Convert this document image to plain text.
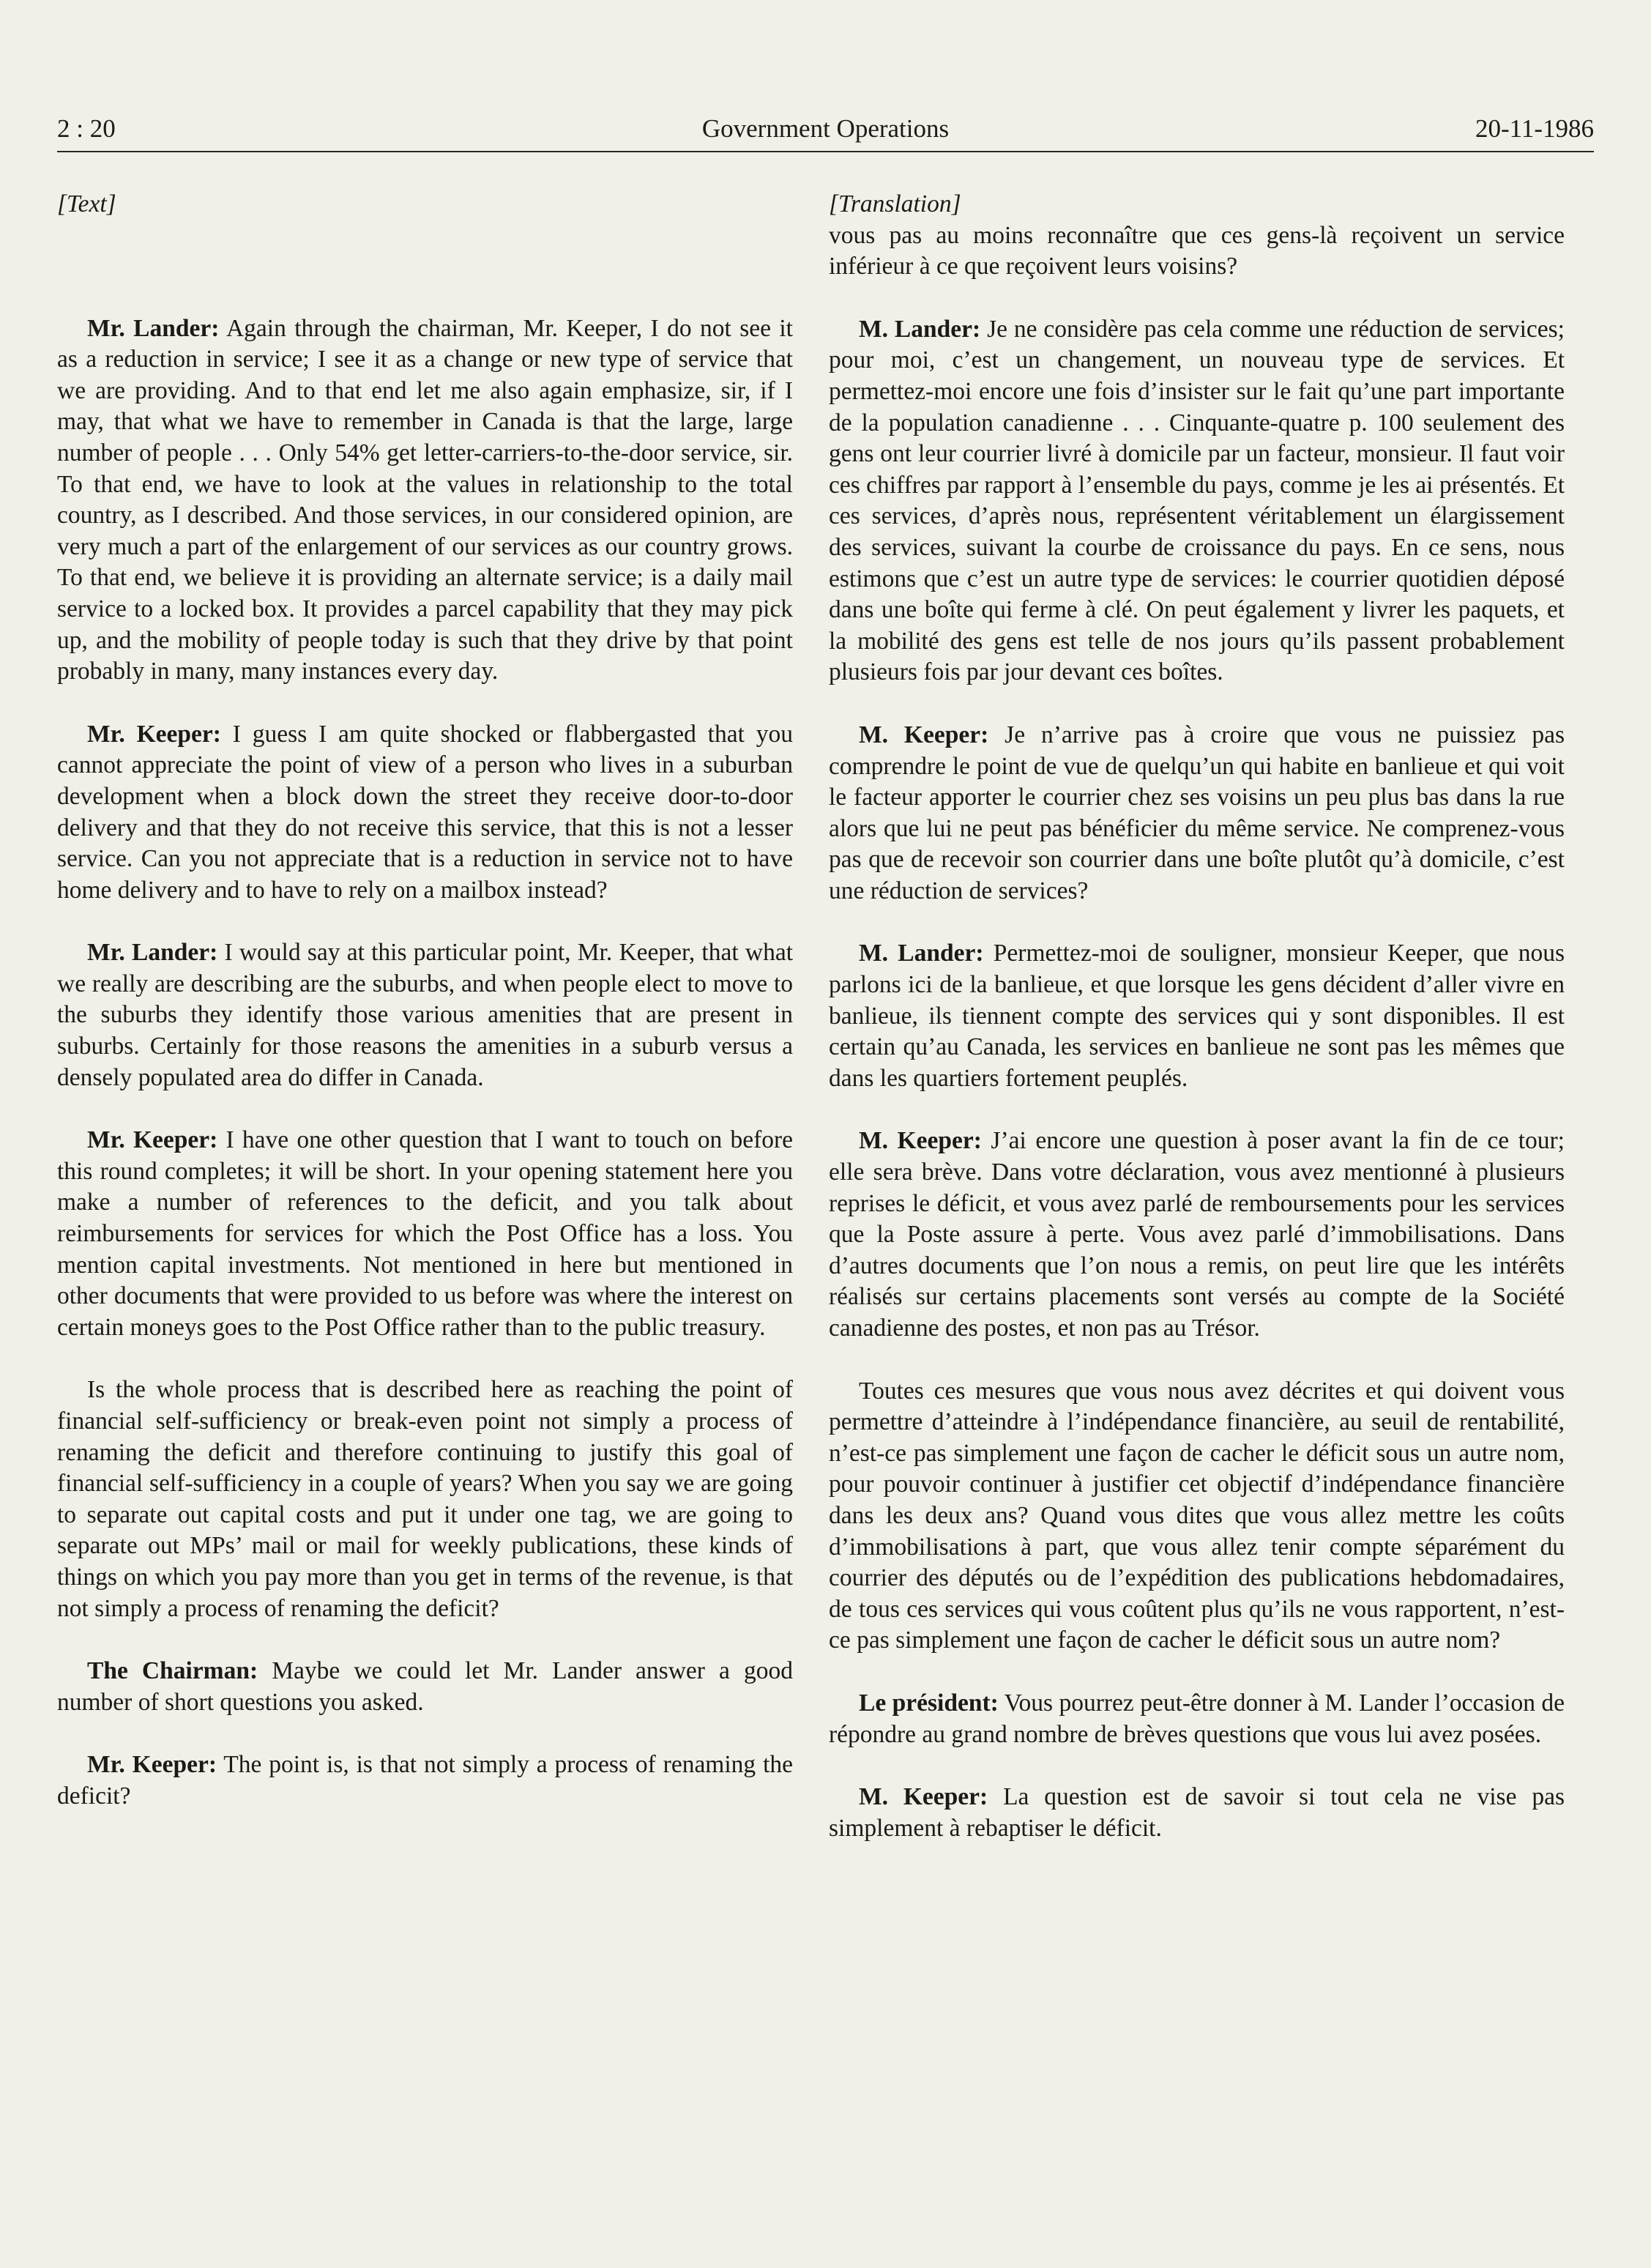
2 : 20	Government Operations	20-11-1986

[Text]

Mr. Lander: Again through the chairman, Mr. Keeper, I do not see it as a reduction in service; I see it as a change or new type of service that we are providing. And to that end let me also again emphasize, sir, if I may, that what we have to remember in Canada is that the large, large number of people . . . Only 54% get letter-carriers-to-the-door service, sir. To that end, we have to look at the values in relationship to the total country, as I described. And those services, in our considered opinion, are very much a part of the enlargement of our services as our country grows. To that end, we believe it is providing an alternate service; is a daily mail service to a locked box. It provides a parcel capability that they may pick up, and the mobility of people today is such that they drive by that point probably in many, many instances every day.

Mr. Keeper: I guess I am quite shocked or flabbergasted that you cannot appreciate the point of view of a person who lives in a suburban development when a block down the street they receive door-to-door delivery and that they do not receive this service, that this is not a lesser service. Can you not appreciate that is a reduction in service not to have home delivery and to have to rely on a mailbox instead?

Mr. Lander: I would say at this particular point, Mr. Keeper, that what we really are describing are the suburbs, and when people elect to move to the suburbs they identify those various amenities that are present in suburbs. Certainly for those reasons the amenities in a suburb versus a densely populated area do differ in Canada.

Mr. Keeper: I have one other question that I want to touch on before this round completes; it will be short. In your opening statement here you make a number of references to the deficit, and you talk about reimbursements for services for which the Post Office has a loss. You mention capital investments. Not mentioned in here but mentioned in other documents that were provided to us before was where the interest on certain moneys goes to the Post Office rather than to the public treasury.

Is the whole process that is described here as reaching the point of financial self-sufficiency or break-even point not simply a process of renaming the deficit and therefore continuing to justify this goal of financial self-sufficiency in a couple of years? When you say we are going to separate out capital costs and put it under one tag, we are going to separate out MPs’ mail or mail for weekly publications, these kinds of things on which you pay more than you get in terms of the revenue, is that not simply a process of renaming the deficit?

The Chairman: Maybe we could let Mr. Lander answer a good number of short questions you asked.

Mr. Keeper: The point is, is that not simply a process of renaming the deficit?

[Translation]

vous pas au moins reconnaître que ces gens-là reçoivent un service inférieur à ce que reçoivent leurs voisins?

M. Lander: Je ne considère pas cela comme une réduction de services; pour moi, c’est un changement, un nouveau type de services. Et permettez-moi encore une fois d’insister sur le fait qu’une part importante de la population canadienne . . . Cinquante-quatre p. 100 seulement des gens ont leur courrier livré à domicile par un facteur, monsieur. Il faut voir ces chiffres par rapport à l’ensemble du pays, comme je les ai présentés. Et ces services, d’après nous, représentent véritablement un élargissement des services, suivant la courbe de croissance du pays. En ce sens, nous estimons que c’est un autre type de services: le courrier quotidien déposé dans une boîte qui ferme à clé. On peut également y livrer les paquets, et la mobilité des gens est telle de nos jours qu’ils passent probablement plusieurs fois par jour devant ces boîtes.

M. Keeper: Je n’arrive pas à croire que vous ne puissiez pas comprendre le point de vue de quelqu’un qui habite en banlieue et qui voit le facteur apporter le courrier chez ses voisins un peu plus bas dans la rue alors que lui ne peut pas bénéficier du même service. Ne comprenez-vous pas que de recevoir son courrier dans une boîte plutôt qu’à domicile, c’est une réduction de services?

M. Lander: Permettez-moi de souligner, monsieur Keeper, que nous parlons ici de la banlieue, et que lorsque les gens décident d’aller vivre en banlieue, ils tiennent compte des services qui y sont disponibles. Il est certain qu’au Canada, les services en banlieue ne sont pas les mêmes que dans les quartiers fortement peuplés.

M. Keeper: J’ai encore une question à poser avant la fin de ce tour; elle sera brève. Dans votre déclaration, vous avez mentionné à plusieurs reprises le déficit, et vous avez parlé de remboursements pour les services que la Poste assure à perte. Vous avez parlé d’immobilisations. Dans d’autres documents que l’on nous a remis, on peut lire que les intérêts réalisés sur certains placements sont versés au compte de la Société canadienne des postes, et non pas au Trésor.

Toutes ces mesures que vous nous avez décrites et qui doivent vous permettre d’atteindre à l’indépendance financière, au seuil de rentabilité, n’est-ce pas simplement une façon de cacher le déficit sous un autre nom, pour pouvoir continuer à justifier cet objectif d’indépendance financière dans les deux ans? Quand vous dites que vous allez mettre les coûts d’immobilisations à part, que vous allez tenir compte séparément du courrier des députés ou de l’expédition des publications hebdomadaires, de tous ces services qui vous coûtent plus qu’ils ne vous rapportent, n’est-ce pas simplement une façon de cacher le déficit sous un autre nom?

Le président: Vous pourrez peut-être donner à M. Lander l’occasion de répondre au grand nombre de brèves questions que vous lui avez posées.

M. Keeper: La question est de savoir si tout cela ne vise pas simplement à rebaptiser le déficit.
